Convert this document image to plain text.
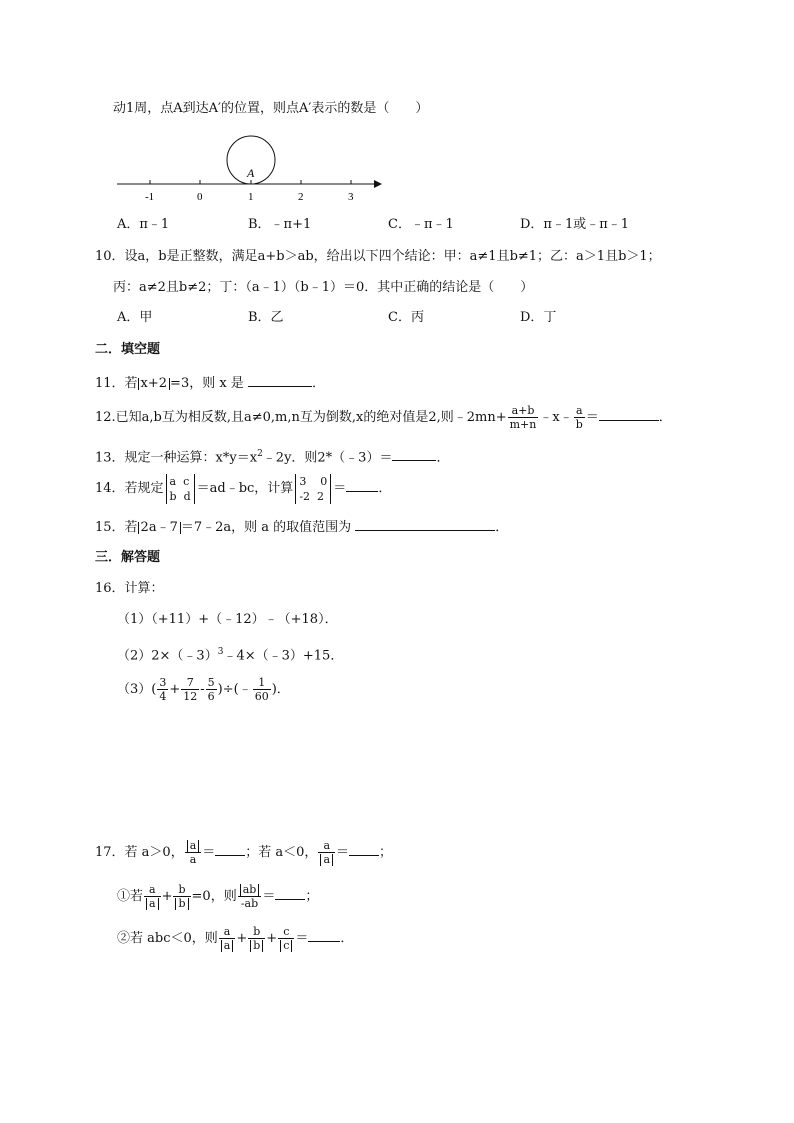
动1周，点A到达A′的位置，则点A′表示的数是（　　）
A
-1	0	1	2	3
A．π﹣1	B．﹣π+1	C．﹣π﹣1	D．π﹣1或﹣π﹣1
10．设a，b是正整数，满足a+b＞ab，给出以下四个结论：甲：a≠1且b≠1；乙：a＞1且b＞1；
丙：a≠2且b≠2；丁：（a﹣1）（b﹣1）＝0．其中正确的结论是（　　）
A．甲	B．乙	C．丙	D．丁
二．填空题
11．若 x+2 =3，则 x 是	．
12.已知a,b互为相反数,且a≠0,m,n互为倒数,x的绝对值是2,则﹣2mn+ $\frac{a+b}{m+n}$ ﹣x﹣ $\frac{a}{b}$ ＝	．
13．规定一种运算：$x*y=x^2﹣2y$．则2*（﹣3）＝	．
14．若规定 a  c
b  d ＝ad﹣bc，计算 3    0
-2  2 ＝ ．
15．若 2a﹣7 ＝7﹣2a，则 a 的取值范围为	．
三．解答题
16．计算：
（1）（+11）+（﹣12）﹣（+18）．
（2）2×（﹣3）$^3$﹣4×（﹣3）+15．
$(3)( \frac{3}{4} + \frac{7}{12} - \frac{5}{6}$ )÷(﹣ $\frac{1}{60}$ )．
17．若 a＞0， $\frac{a}{a}$ ＝ ；若 a＜0， $\frac{a}{a}$ ＝ ；
①若 $\frac{a}{a} + \frac{b}{b} =0$，则 $\frac{ab}{-ab}$ ＝ ；
②若 abc＜0，则 $\frac{a}{a} + \frac{b}{b} + \frac{c}{c}$ ＝ ．
